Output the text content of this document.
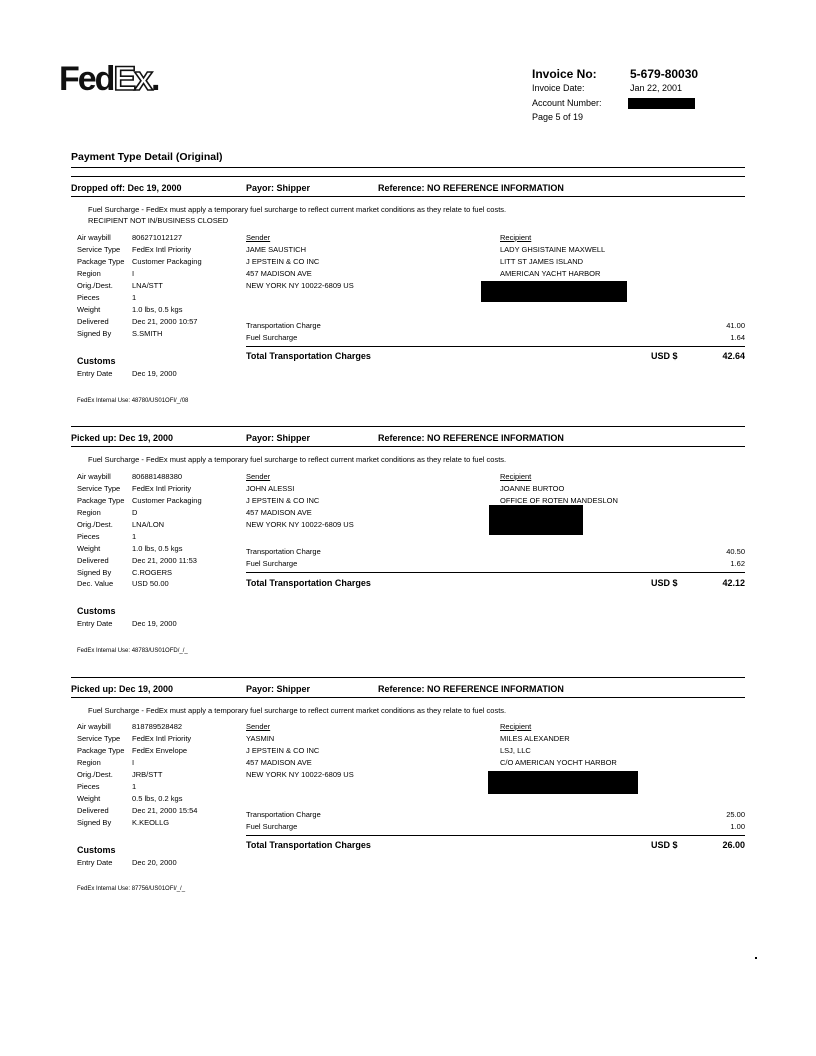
FedEx.	Invoice No:	5-679-80030
Invoice Date:	Jan 22, 2001
Account Number:
Page 5 of 19
Payment Type Detail (Original)
Dropped off: Dec 19, 2000	Payor: Shipper	Reference: NO REFERENCE INFORMATION
Fuel Surcharge - FedEx must apply a temporary fuel surcharge to reflect current market conditions as they relate to fuel costs.
RECIPIENT NOT IN/BUSINESS CLOSED
Air waybill	806271012127
Service Type FedEx Intl Priority
Package Type Customer Packaging
Region	I
Orig./Dest.	LNA/STT
Pieces	1
Weight	1.0 lbs, 0.5 kgs
Delivered	Dec 21, 2000 10:57
Signed By	S.SMITH
Sender
JAME SAUSTICH
J EPSTEIN & CO INC
457 MADISON AVE
NEW YORK NY 10022-6809 US
Recipient
LADY GHSISTAINE MAXWELL
LITT ST JAMES ISLAND
AMERICAN YACHT HARBOR
Transportation Charge	41.00
Fuel Surcharge	1.64
Total Transportation Charges	USD $	42.64
Customs
Entry Date	Dec 19, 2000
FedEx Internal Use: 48780/US01OFI/_/08
Picked up: Dec 19, 2000	Payor: Shipper	Reference: NO REFERENCE INFORMATION
Fuel Surcharge - FedEx must apply a temporary fuel surcharge to reflect current market conditions as they relate to fuel costs.
Air waybill	806881488380
Service Type FedEx Intl Priority
Package Type Customer Packaging
Region	D
Orig./Dest.	LNA/LON
Pieces	1
Weight	1.0 lbs, 0.5 kgs
Delivered	Dec 21, 2000 11:53
Signed By	C.ROGERS
Dec. Value	USD 50.00
Sender
JOHN ALESSI
J EPSTEIN & CO INC
457 MADISON AVE
NEW YORK NY 10022-6809 US
Recipient
JOANNE BURTOO
OFFICE OF ROTEN MANDESLON
Transportation Charge	40.50
Fuel Surcharge	1.62
Total Transportation Charges	USD $	42.12
Customs
Entry Date	Dec 19, 2000
FedEx Internal Use: 48783/US01OFD/_/_
Picked up: Dec 19, 2000	Payor: Shipper	Reference: NO REFERENCE INFORMATION
Fuel Surcharge - FedEx must apply a temporary fuel surcharge to reflect current market conditions as they relate to fuel costs.
Air waybill	818789528482
Service Type FedEx Intl Priority
Package Type FedEx Envelope
Region	I
Orig./Dest.	JRB/STT
Pieces	1
Weight	0.5 lbs, 0.2 kgs
Delivered	Dec 21, 2000 15:54
Signed By	K.KEOLLG
Sender
YASMIN
J EPSTEIN & CO INC
457 MADISON AVE
NEW YORK NY 10022-6809 US
Recipient
MILES ALEXANDER
LSJ, LLC
C/O AMERICAN YOCHT HARBOR
Transportation Charge	25.00
Fuel Surcharge	1.00
Total Transportation Charges	USD $	26.00
Customs
Entry Date	Dec 20, 2000
FedEx Internal Use: 87756/US01OFI/_/_
